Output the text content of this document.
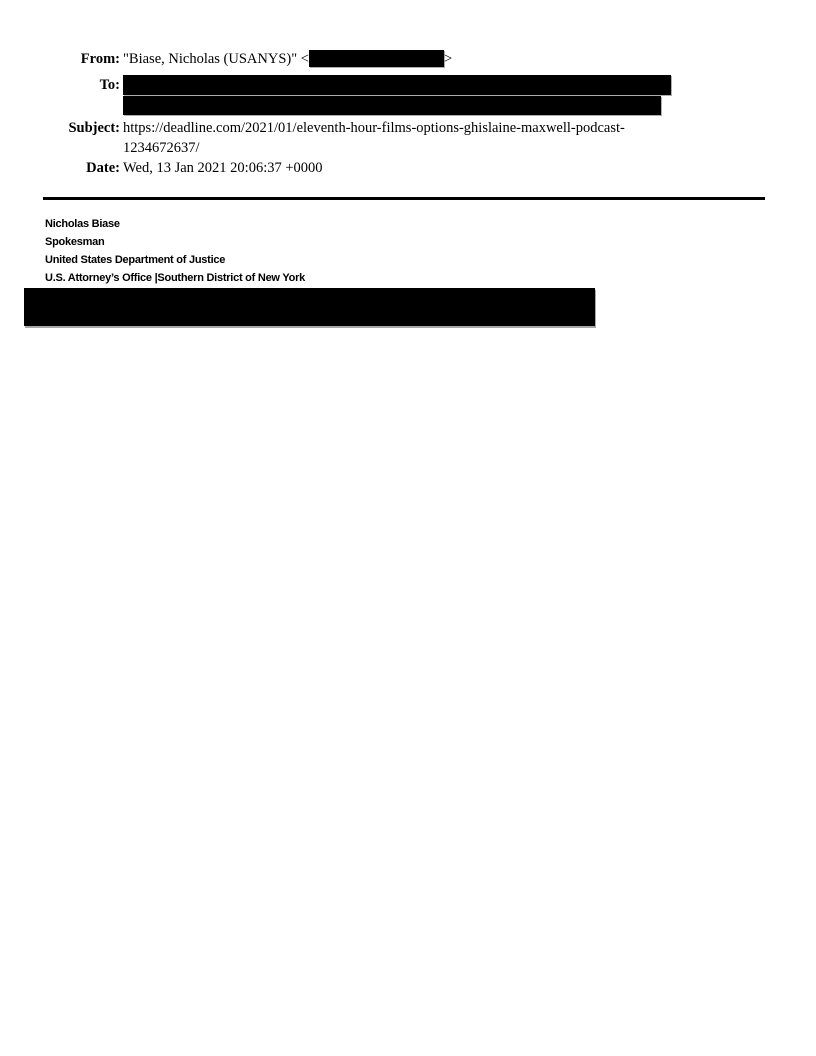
From: "Biase, Nicholas (USANYS)" <	>
To:
Subject: https://deadline.com/2021/01/eleventh-hour-films-options-ghislaine-maxwell-podcast-1234672637/
Date: Wed, 13 Jan 2021 20:06:37 +0000
Nicholas Biase
Spokesman
United States Department of Justice
U.S. Attorney’s Office |Southern District of New York
